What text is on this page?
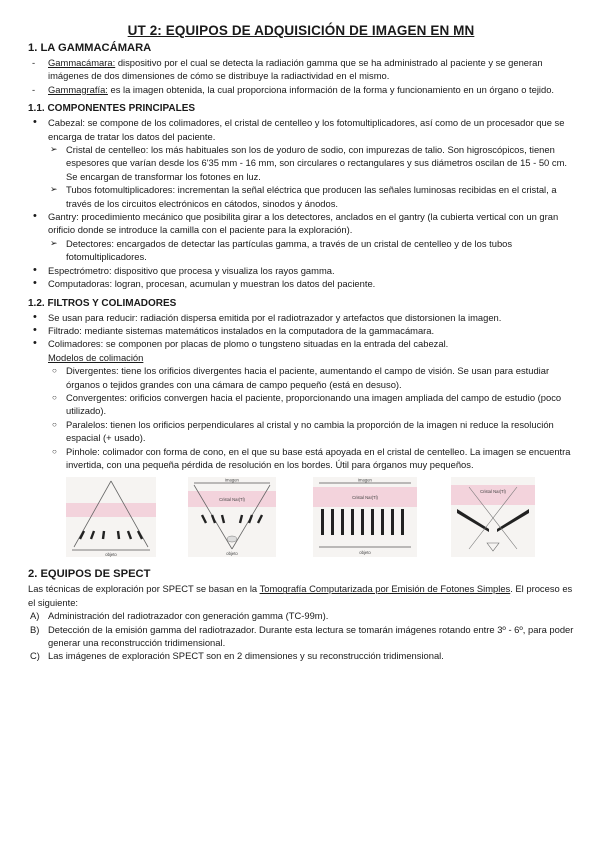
UT 2: EQUIPOS DE ADQUISICIÓN DE IMAGEN EN MN
1. LA GAMMACÁMARA
- Gammacámara: dispositivo por el cual se detecta la radiación gamma que se ha administrado al paciente y se generan imágenes de dos dimensiones de cómo se distribuye la radiactividad en el mismo.
- Gammagrafía: es la imagen obtenida, la cual proporciona información de la forma y funcionamiento en un órgano o tejido.
1.1. COMPONENTES PRINCIPALES
• Cabezal: se compone de los colimadores, el cristal de centelleo y los fotomultiplicadores, así como de un procesador que se encarga de tratar los datos del paciente.
➢ Cristal de centelleo: los más habituales son los de yoduro de sodio, con impurezas de talio. Son higroscópicos, tienen espesores que varían desde los 6'35 mm - 16 mm, son circulares o rectangulares y sus diámetros oscilan de 15 - 50 cm. Se encargan de transformar los fotones en luz.
➢ Tubos fotomultiplicadores: incrementan la señal eléctrica que producen las señales luminosas recibidas en el cristal, a través de los circuitos electrónicos en cátodos, sinodos y ánodos.
• Gantry: procedimiento mecánico que posibilita girar a los detectores, anclados en el gantry (la cubierta vertical con un gran orificio donde se introduce la camilla con el paciente para la exploración).
➢ Detectores: encargados de detectar las partículas gamma, a través de un cristal de centelleo y de los tubos fotomultiplicadores.
• Espectrómetro: dispositivo que procesa y visualiza los rayos gamma.
• Computadoras: logran, procesan, acumulan y muestran los datos del paciente.
1.2. FILTROS Y COLIMADORES
• Se usan para reducir: radiación dispersa emitida por el radiotrazador y artefactos que distorsionen la imagen.
• Filtrado: mediante sistemas matemáticos instalados en la computadora de la gammacámara.
• Colimadores: se componen por placas de plomo o tungsteno situadas en la entrada del cabezal.
Modelos de colimación
○ Divergentes: tiene los orificios divergentes hacia el paciente, aumentando el campo de visión. Se usan para estudiar órganos o tejidos grandes con una cámara de campo pequeño (está en desuso).
○ Convergentes: orificios convergen hacia el paciente, proporcionando una imagen ampliada del campo de estudio (poco utilizado).
○ Paralelos: tienen los orificios perpendiculares al cristal y no cambia la proporción de la imagen ni reduce la resolución espacial (+ usado).
○ Pinhole: colimador con forma de cono, en el que su base está apoyada en el cristal de centelleo. La imagen se encuentra invertida, con una pequeña pérdida de resolución en los bordes. Útil para órganos muy pequeños.
objeto
imagen
Cristal NaI(Tl)
objeto
imagen
Cristal NaI(Tl)
objeto
Cristal NaI(Tl)
2. EQUIPOS DE SPECT
Las técnicas de exploración por SPECT se basan en la Tomografía Computarizada por Emisión de Fotones Simples. El proceso es el siguiente:
A) Administración del radiotrazador con generación gamma (TC-99m).
B) Detección de la emisión gamma del radiotrazador. Durante esta lectura se tomarán imágenes rotando entre 3º - 6º, para poder generar una reconstrucción tridimensional.
C) Las imágenes de exploración SPECT son en 2 dimensiones y su reconstrucción tridimensional.
